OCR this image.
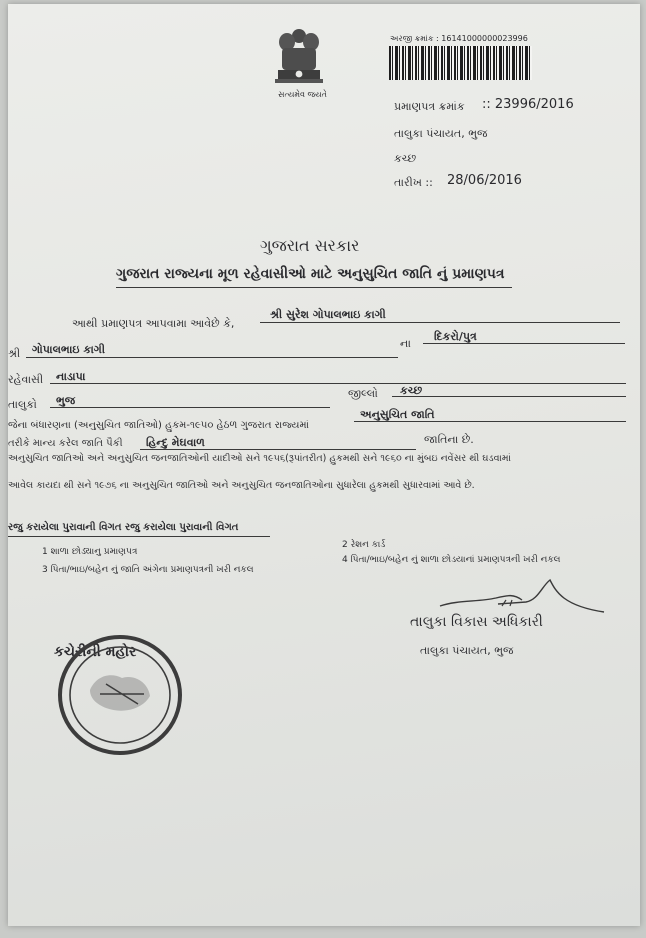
સત્યમેવ જયતે
અરજી ક્રમાંક : 16141000000023996
પ્રમાણપત્ર ક્રમાંક :: 23996/2016
તાલુકા પંચાયત, ભુજ
કચ્છ
તારીખ :: 28/06/2016
ગુજરાત સરકાર
ગુજરાત રાજ્યના મૂળ રહેવાસીઓ માટે અનુસુચિત જાતિ નું પ્રમાણપત્ર
આથી પ્રમાણપત્ર આપવામા આવેછે કે,
શ્રી સુરેશ ગોપાલભાઇ કાગી
શ્રી ગોપાલભાઇ કાગી	ના
દિકરો/પુત્ર
રહેવાસી નાડાપા
તાલુકો ભુજ
જીલ્લો કચ્છ
જેના બંધારણના (અનુસુચિત જાતિઓ) હુકમ-૧૯૫૦ હેઠળ ગુજરાત રાજ્યમાં
અનુસુચિત જાતિ
તરીકે માન્ય કરેલ જાતિ પૈકી હિન્દુ મેઘવાળ	જાતિના છે.
અનુસુચિત જાતિઓ અને અનુસુચિત જનજાતિઓની યાદીઓ સને ૧૯૫૬(રૂપાંતરીત) હુકમથી સને ૧૯૬૦ ના મુંબઇ નવેંસર થી ઘડવામાં
આવેલ કાયદા થી સને ૧૯૭૬ ના અનુસુચિત જાતિઓ અને અનુસુચિત જનજાતિઓના સુધારેલા હુકમથી સુધારવામાં આવે છે.
રજુ કરાયેલા પુરાવાની વિગત રજુ કરાયેલા પુરાવાની વિગત
1 શાળા છોડ્યાનુ પ્રમાણપત્ર
2 રેશન કાર્ડ
3 પિતા/ભાઇ/બહેન નું જાતિ અંગેના પ્રમાણપત્રની ખરી નકલ
4 પિતા/ભાઇ/બહેન નું શાળા છોડયાનાં પ્રમાણપત્રની ખરી નકલ
તાલુકા વિકાસ અધિકારી
તાલુકા પંચાયત, ભુજ
કચેરીની મહોર
